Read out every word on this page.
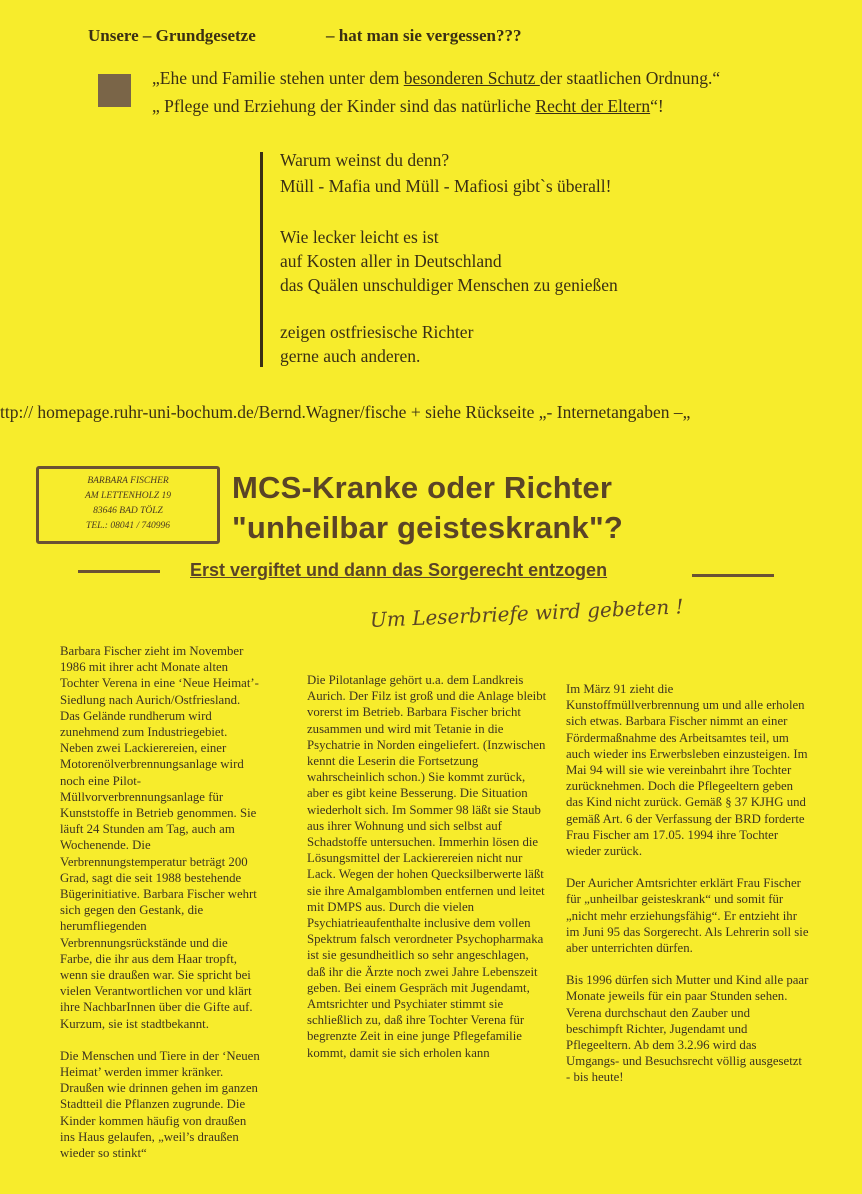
Unsere – Grundgesetze	– hat man sie vergessen???
„Ehe und Familie stehen unter dem besonderen Schutz der staatlichen Ordnung.“
„ Pflege und Erziehung der Kinder sind das natürliche Recht der Eltern“!
Warum weinst du denn?
Müll - Mafia und Müll - Mafiosi gibt`s überall!
Wie lecker leicht es ist
auf Kosten aller in Deutschland
das Quälen unschuldiger Menschen zu genießen
zeigen ostfriesische Richter
gerne auch anderen.
ttp:// homepage.ruhr-uni-bochum.de/Bernd.Wagner/fische + siehe Rückseite „- Internetangaben –„
BARBARA FISCHER
AM LETTENHOLZ 19
83646 BAD TÖLZ
TEL.: 08041 / 740996
MCS-Kranke oder Richter
"unheilbar geisteskrank"?
Erst vergiftet und dann das Sorgerecht entzogen
Um Leserbriefe wird gebeten !

Barbara Fischer zieht im November 1986 mit ihrer acht Monate alten Tochter Verena in eine ‘Neue Heimat’-Siedlung nach Aurich/Ostfriesland. Das Gelände rundherum wird zunehmend zum Industriegebiet. Neben zwei Lackierereien, einer Motorenölverbrennungsanlage wird noch eine Pilot-Müllvorverbrennungsanlage für Kunststoffe in Betrieb genommen. Sie läuft 24 Stunden am Tag, auch am Wochenende. Die Verbrennungstemperatur beträgt 200 Grad, sagt die seit 1988 bestehende Bügerinitiative. Barbara Fischer wehrt sich gegen den Gestank, die herumfliegenden Verbrennungsrückstände und die Farbe, die ihr aus dem Haar tropft, wenn sie draußen war. Sie spricht bei vielen Verantwortlichen vor und klärt ihre NachbarInnen über die Gifte auf. Kurzum, sie ist stadtbekannt.

Die Menschen und Tiere in der ‘Neuen Heimat’ werden immer kränker. Draußen wie drinnen gehen im ganzen Stadtteil die Pflanzen zugrunde. Die Kinder kommen häufig von draußen ins Haus gelaufen, „weil’s draußen wieder so stinkt“

Die Pilotanlage gehört u.a. dem Landkreis Aurich. Der Filz ist groß und die Anlage bleibt vorerst im Betrieb. Barbara Fischer bricht zusammen und wird mit Tetanie in die Psychatrie in Norden eingeliefert. (Inzwischen kennt die Leserin die Fortsetzung wahrscheinlich schon.) Sie kommt zurück, aber es gibt keine Besserung. Die Situation wiederholt sich. Im Sommer 98 läßt sie Staub aus ihrer Wohnung und sich selbst auf Schadstoffe untersuchen. Immerhin lösen die Lösungsmittel der Lackierereien nicht nur Lack. Wegen der hohen Quecksilberwerte läßt sie ihre Amalgamblomben entfernen und leitet mit DMPS aus. Durch die vielen Psychiatrieaufenthalte inclusive dem vollen Spektrum falsch verordneter Psychopharmaka ist sie gesundheitlich so sehr angeschlagen, daß ihr die Ärzte noch zwei Jahre Lebenszeit geben. Bei einem Gespräch mit Jugendamt, Amtsrichter und Psychiater stimmt sie schließlich zu, daß ihre Tochter Verena für begrenzte Zeit in eine junge Pflegefamilie kommt, damit sie sich erholen kann

Im März 91 zieht die Kunstoffmüllverbrennung um und alle erholen sich etwas. Barbara Fischer nimmt an einer Fördermaßnahme des Arbeitsamtes teil, um auch wieder ins Erwerbsleben einzusteigen. Im Mai 94 will sie wie vereinbahrt ihre Tochter zurücknehmen. Doch die Pflegeeltern geben das Kind nicht zurück. Gemäß § 37 KJHG und gemäß Art. 6 der Verfassung der BRD forderte Frau Fischer am 17.05. 1994 ihre Tochter wieder zurück.

Der Auricher Amtsrichter erklärt Frau Fischer für „unheilbar geisteskrank“ und somit für „nicht mehr erziehungsfähig“. Er entzieht ihr im Juni 95 das Sorgerecht. Als Lehrerin soll sie aber unterrichten dürfen.

Bis 1996 dürfen sich Mutter und Kind alle paar Monate jeweils für ein paar Stunden sehen. Verena durchschaut den Zauber und beschimpft Richter, Jugendamt und Pflegeeltern. Ab dem 3.2.96 wird das Umgangs- und Besuchsrecht völlig ausgesetzt - bis heute!
